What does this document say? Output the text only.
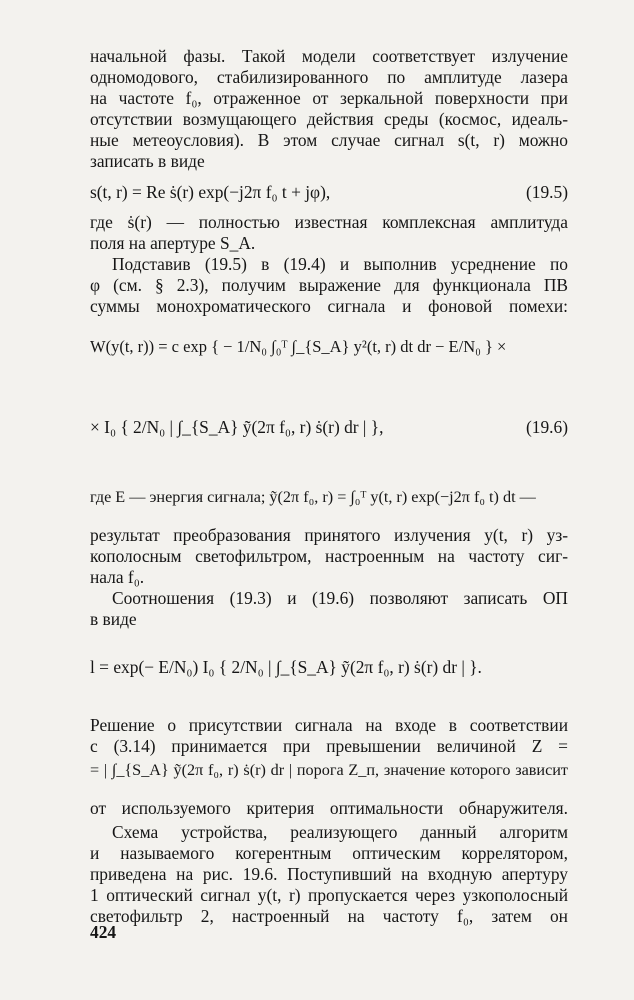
начальной фазы. Такой модели соответствует излучение
одномодового, стабилизированного по амплитуде лазера
на частоте f₀, отраженное от зеркальной поверхности при
отсутствии возмущающего действия среды (космос, идеаль-
ные метеоусловия). В этом случае сигнал s(t, r) можно
записать в виде
s(t, r) = Re ṡ(r) exp(−j2π f₀ t + jφ),	(19.5)
где ṡ(r) — полностью известная комплексная амплитуда
поля на апертуре S_A.
Подставив (19.5) в (19.4) и выполнив усреднение по
φ (см. § 2.3), получим выражение для функционала ПВ
суммы монохроматического сигнала и фоновой помехи:
W(y(t, r)) = c exp { − 1/N₀ ∫₀ᵀ ∫_{S_A} y²(t, r) dt dr − E/N₀ } ×
× I₀ { 2/N₀ | ∫_{S_A} ỹ(2π f₀, r) ṡ(r) dr | },	(19.6)
где E — энергия сигнала; ỹ(2π f₀, r) = ∫₀ᵀ y(t, r) exp(−j2π f₀ t) dt —
результат преобразования принятого излучения y(t, r) уз-
кополосным светофильтром, настроенным на частоту сиг-
нала f₀.
Соотношения (19.3) и (19.6) позволяют записать ОП
в виде
l = exp(− E/N₀) I₀ { 2/N₀ | ∫_{S_A} ỹ(2π f₀, r) ṡ(r) dr | }.
Решение о присутствии сигнала на входе в соответствии
с (3.14) принимается при превышении величиной Z =
= | ∫_{S_A} ỹ(2π f₀, r) ṡ(r) dr | порога Z_п, значение которого зависит
от используемого критерия оптимальности обнаружителя.
Схема устройства, реализующего данный алгоритм
и называемого когерентным оптическим коррелятором,
приведена на рис. 19.6. Поступивший на входную апертуру
1 оптический сигнал y(t, r) пропускается через узкополосный
светофильтр 2, настроенный на частоту f₀, затем он
424
